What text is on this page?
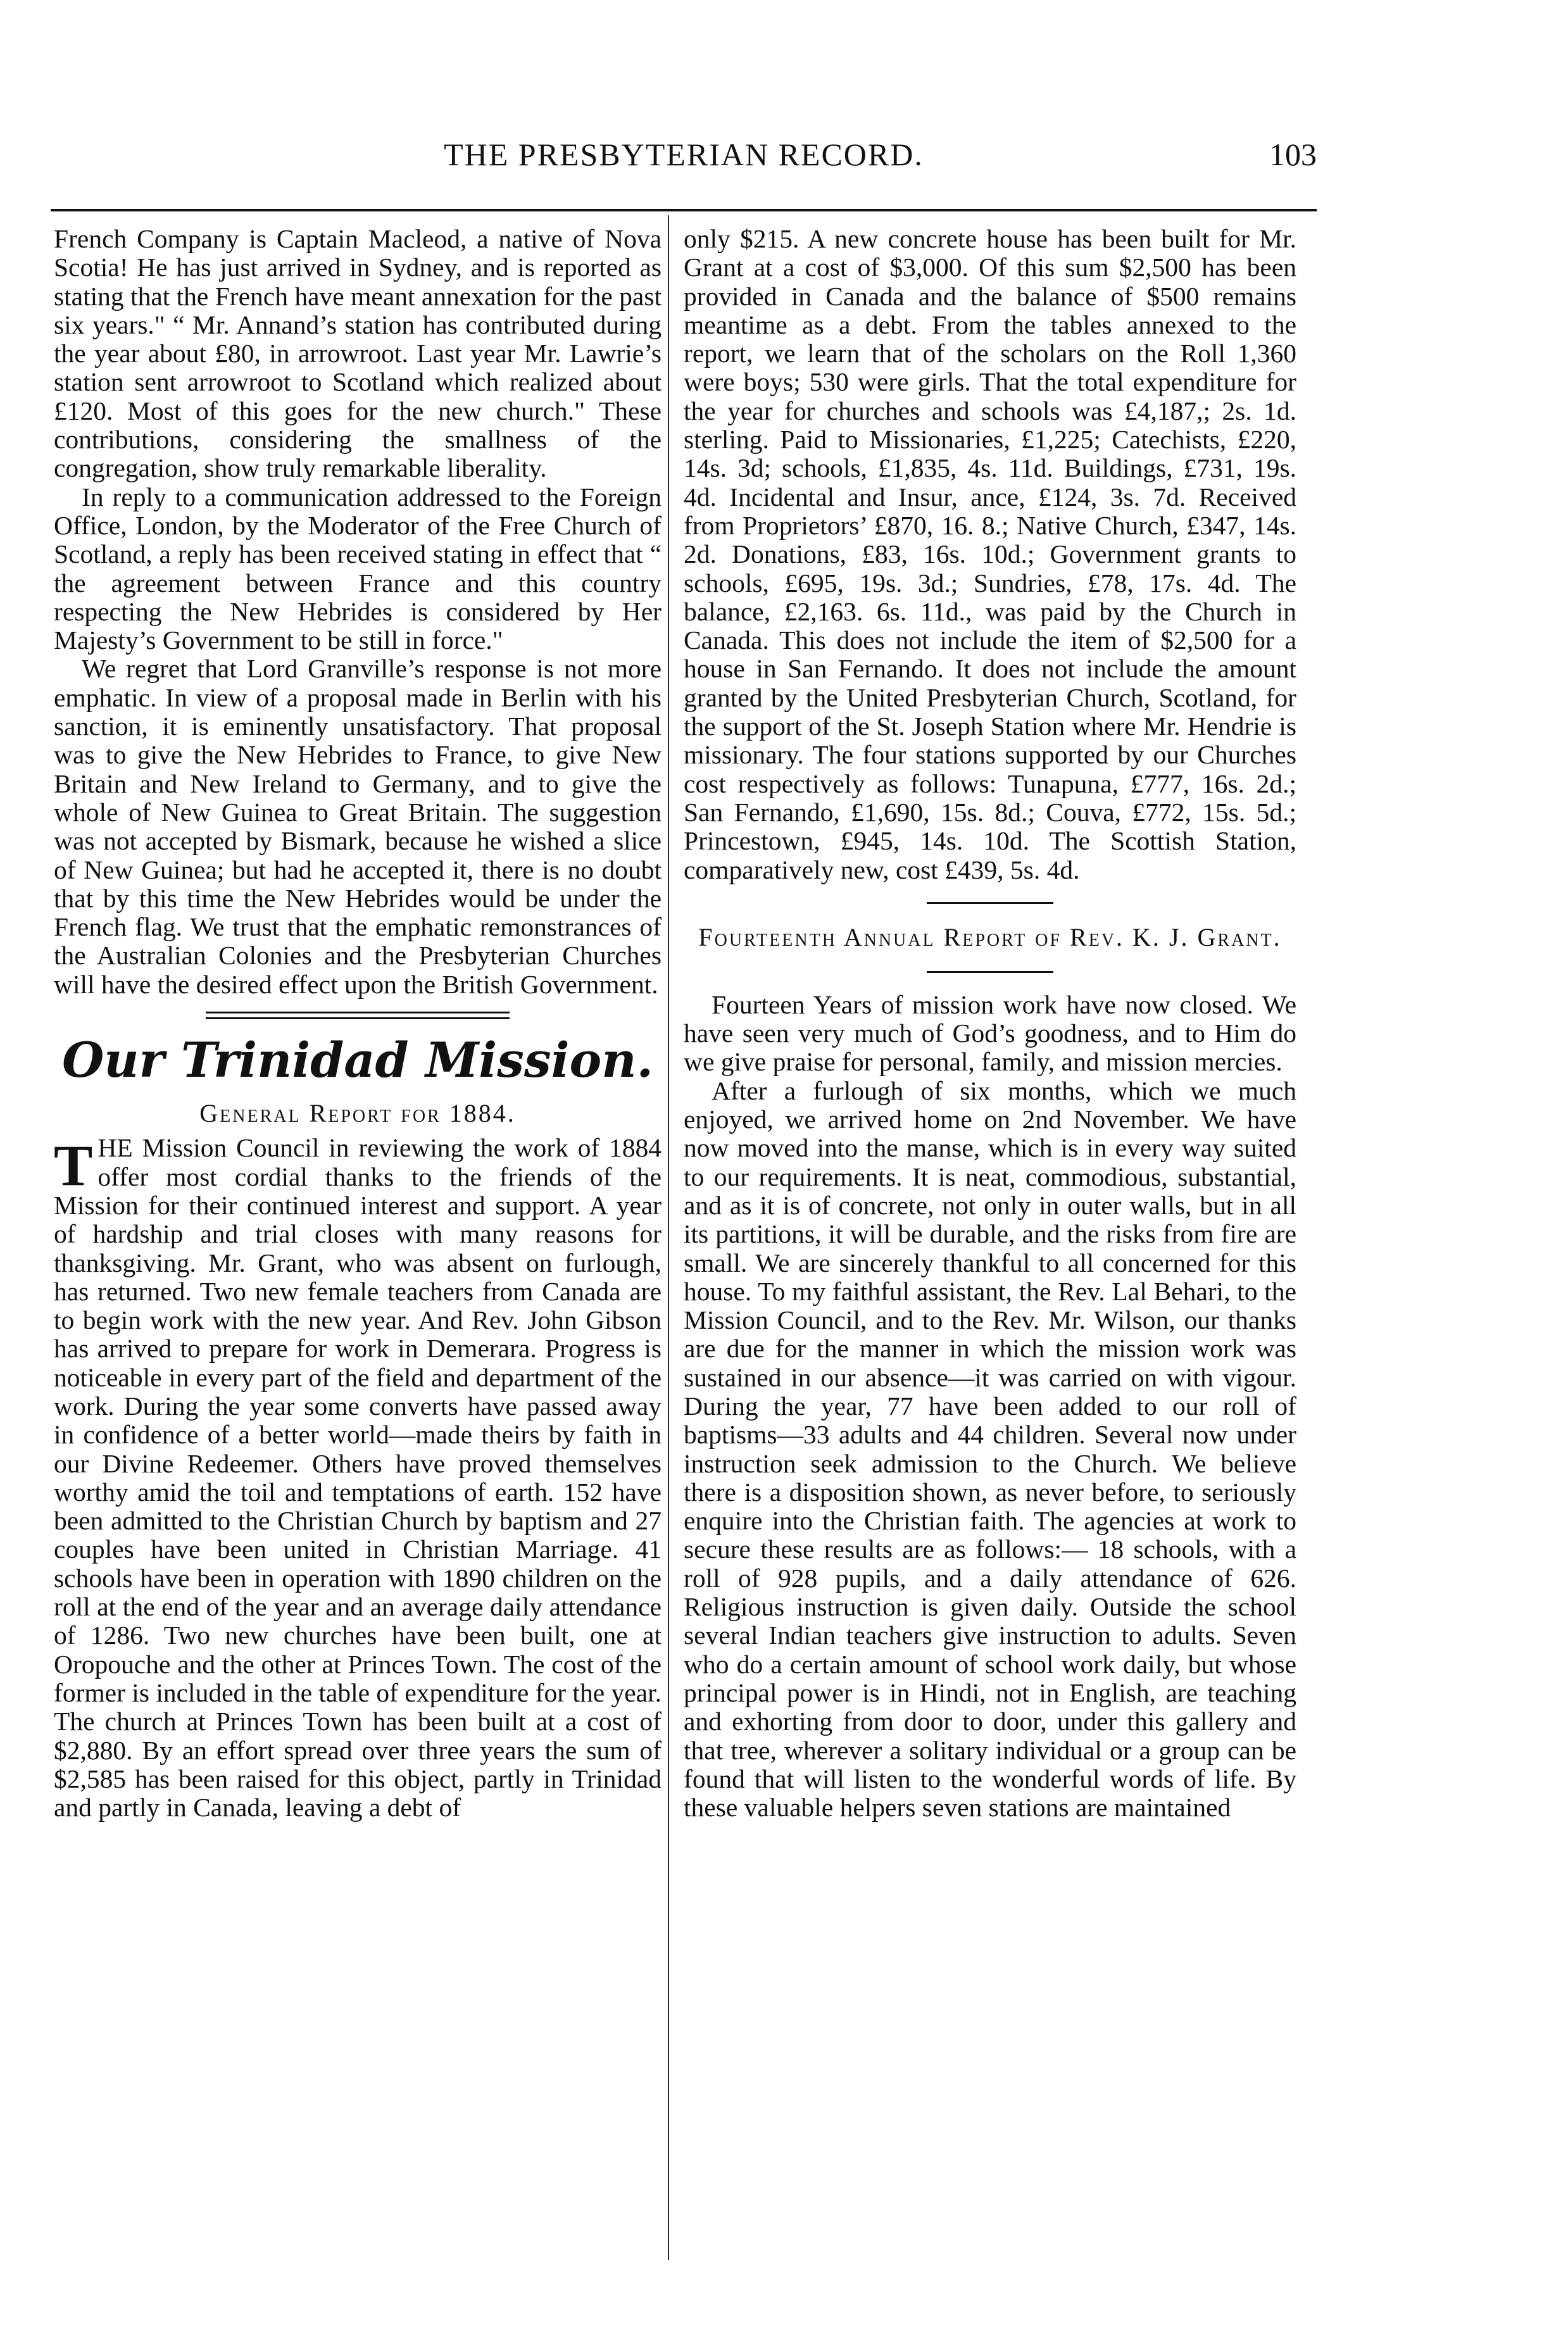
THE PRESBYTERIAN RECORD.	103

French Company is Captain Macleod, a native of Nova Scotia! He has just arrived in Sydney, and is reported as stating that the French have meant annexation for the past six years." “ Mr. Annand’s station has contributed during the year about £80, in arrowroot. Last year Mr. Lawrie’s station sent arrowroot to Scotland which realized about £120. Most of this goes for the new church." These contributions, considering the smallness of the congregation, show truly remarkable liberality.

In reply to a communication addressed to the Foreign Office, London, by the Moderator of the Free Church of Scotland, a reply has been received stating in effect that “ the agreement between France and this country respecting the New Hebrides is considered by Her Majesty’s Government to be still in force."

We regret that Lord Granville’s response is not more emphatic. In view of a proposal made in Berlin with his sanction, it is eminently unsatisfactory. That proposal was to give the New Hebrides to France, to give New Britain and New Ireland to Germany, and to give the whole of New Guinea to Great Britain. The suggestion was not accepted by Bismark, because he wished a slice of New Guinea; but had he accepted it, there is no doubt that by this time the New Hebrides would be under the French flag. We trust that the emphatic remonstrances of the Australian Colonies and the Presbyterian Churches will have the desired effect upon the British Government.

Our Trinidad Mission.
General Report for 1884.

THE Mission Council in reviewing the work of 1884 offer most cordial thanks to the friends of the Mission for their continued interest and support. A year of hardship and trial closes with many reasons for thanksgiving. Mr. Grant, who was absent on furlough, has returned. Two new female teachers from Canada are to begin work with the new year. And Rev. John Gibson has arrived to prepare for work in Demerara. Progress is noticeable in every part of the field and department of the work. During the year some converts have passed away in confidence of a better world—made theirs by faith in our Divine Redeemer. Others have proved themselves worthy amid the toil and temptations of earth. 152 have been admitted to the Christian Church by baptism and 27 couples have been united in Christian Marriage. 41 schools have been in operation with 1890 children on the roll at the end of the year and an average daily attendance of 1286. Two new churches have been built, one at Oropouche and the other at Princes Town. The cost of the former is included in the table of expenditure for the year. The church at Princes Town has been built at a cost of $2,880. By an effort spread over three years the sum of $2,585 has been raised for this object, partly in Trinidad and partly in Canada, leaving a debt of

only $215. A new concrete house has been built for Mr. Grant at a cost of $3,000. Of this sum $2,500 has been provided in Canada and the balance of $500 remains meantime as a debt. From the tables annexed to the report, we learn that of the scholars on the Roll 1,360 were boys; 530 were girls. That the total expenditure for the year for churches and schools was £4,187,; 2s. 1d. sterling. Paid to Missionaries, £1,225; Catechists, £220, 14s. 3d; schools, £1,835, 4s. 11d. Buildings, £731, 19s. 4d. Incidental and Insur, ance, £124, 3s. 7d. Received from Proprietors’ £870, 16. 8.; Native Church, £347, 14s. 2d. Donations, £83, 16s. 10d.; Government grants to schools, £695, 19s. 3d.; Sundries, £78, 17s. 4d. The balance, £2,163. 6s. 11d., was paid by the Church in Canada. This does not include the item of $2,500 for a house in San Fernando. It does not include the amount granted by the United Presbyterian Church, Scotland, for the support of the St. Joseph Station where Mr. Hendrie is missionary. The four stations supported by our Churches cost respectively as follows: Tunapuna, £777, 16s. 2d.; San Fernando, £1,690, 15s. 8d.; Couva, £772, 15s. 5d.; Princestown, £945, 14s. 10d. The Scottish Station, comparatively new, cost £439, 5s. 4d.

Fourteenth Annual Report of Rev. K. J. Grant.

Fourteen Years of mission work have now closed. We have seen very much of God’s goodness, and to Him do we give praise for personal, family, and mission mercies.

After a furlough of six months, which we much enjoyed, we arrived home on 2nd November. We have now moved into the manse, which is in every way suited to our requirements. It is neat, commodious, substantial, and as it is of concrete, not only in outer walls, but in all its partitions, it will be durable, and the risks from fire are small. We are sincerely thankful to all concerned for this house. To my faithful assistant, the Rev. Lal Behari, to the Mission Council, and to the Rev. Mr. Wilson, our thanks are due for the manner in which the mission work was sustained in our absence—it was carried on with vigour. During the year, 77 have been added to our roll of baptisms—33 adults and 44 children. Several now under instruction seek admission to the Church. We believe there is a disposition shown, as never before, to seriously enquire into the Christian faith. The agencies at work to secure these results are as follows:— 18 schools, with a roll of 928 pupils, and a daily attendance of 626. Religious instruction is given daily. Outside the school several Indian teachers give instruction to adults. Seven who do a certain amount of school work daily, but whose principal power is in Hindi, not in English, are teaching and exhorting from door to door, under this gallery and that tree, wherever a solitary individual or a group can be found that will listen to the wonderful words of life. By these valuable helpers seven stations are maintained
